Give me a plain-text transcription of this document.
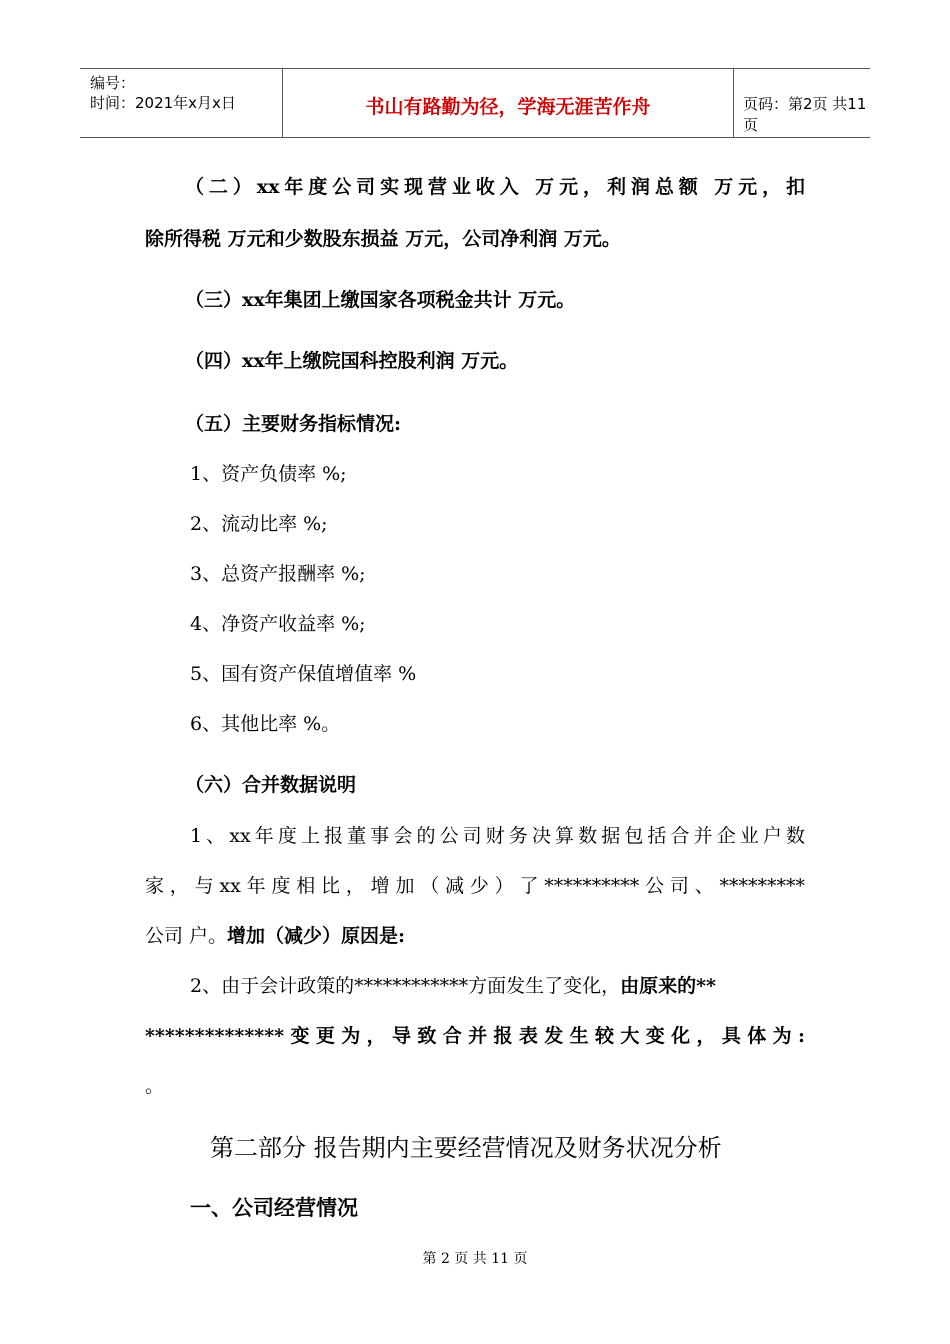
编号：
时间：2021年x月x日	书山有路勤为径，学海无涯苦作舟	页码：第2页 共11页
（二）xx年度公司实现营业收入 万元，利润总额 万元，扣
除所得税 万元和少数股东损益 万元，公司净利润 万元。
（三）xx年集团上缴国家各项税金共计 万元。
（四）xx年上缴院国科控股利润 万元。
（五）主要财务指标情况:
1、资产负债率 %;
2、流动比率 %;
3、总资产报酬率 %;
4、净资产收益率 %;
5、国有资产保值增值率 %
6、其他比率 %。
（六）合并数据说明
1、xx年度上报董事会的公司财务决算数据包括合并企业户数
家，与xx年度相比，增加（减少）了**********公司、*********
公司 户。增加（减少）原因是:
2、由于会计政策的************方面发生了变化，由原来的**
**************变更为，导致合并报表发生较大变化，具体为:
。
第二部分 报告期内主要经营情况及财务状况分析
一、公司经营情况
第 2 页 共 11 页
